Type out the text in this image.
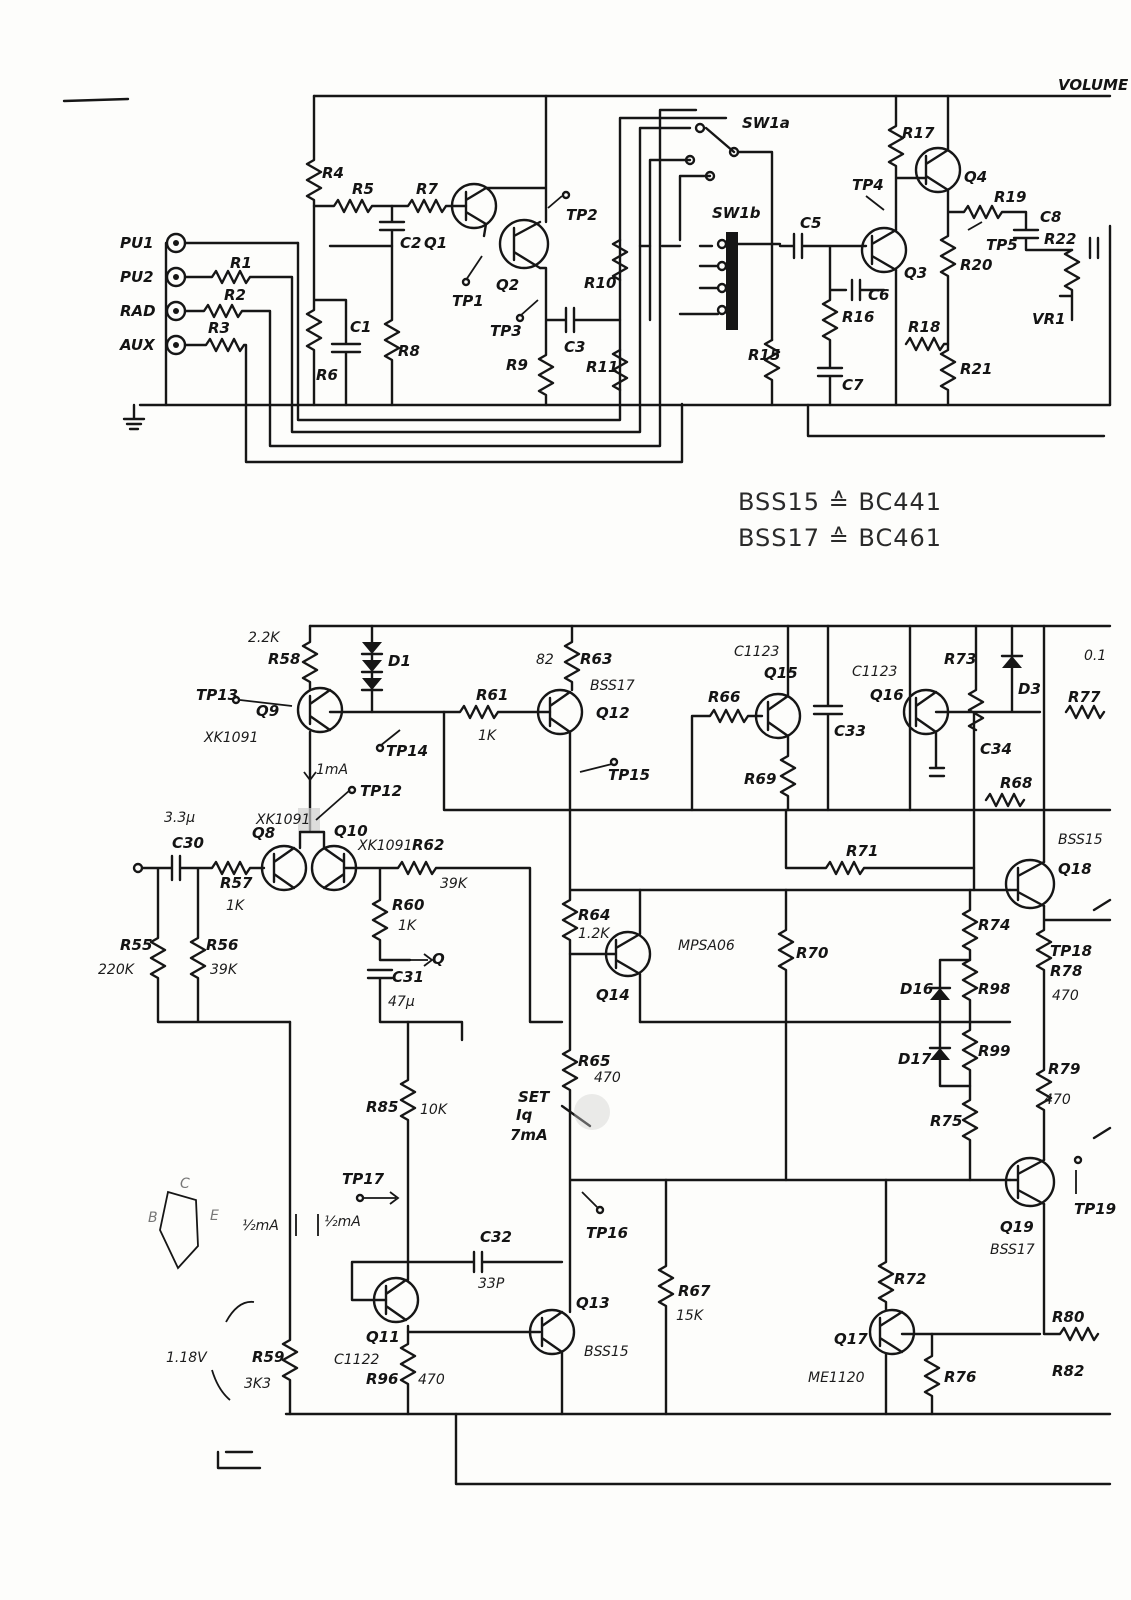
VOLUME
PU1
PU2
RAD
AUX
R1
R2
R3
R4
R5
R6
R7
R8
R9
R10
R11
R15
R16
R17
R18
R19
R20
R21
R22
C1
C2
C3
C5
C6
C7
C8
Q1
Q2
Q3
Q4
TP1
TP2
TP3
TP4
TP5
SW1a
SW1b
VR1
BSS15 ≙ BC441
BSS17 ≙ BC461
2.2K
R58
TP13
Q9
XK1091
D1
TP14
1mA
TP12
XK1091
3.3μ
C30
Q8	Q10
XK1091 R62
39K
R57
1K	R60
1K
Q
C31
47μ
R55
220K
R56
39K
R85 10K
TP17
C
B	E
½mA	½mA
C32
33P
Q11
C1122
R96 470
1.18V	R59
3K3
Q13
BSS15
82 R63
BSS17
Q12
R61
1K
TP15
R64
1.2K
MPSA06
Q14
R65
470
SET
Iq
7mA
TP16
R67
15K
C1123
Q15
R66
R69
C33
C1123
Q16
R73
D3
C34
R68
0.1
R77
R71
R70
BSS15
Q18
R74
TP18
R78
470
D16	R98
D17	R99
R79
470
R75
TP19
Q19
BSS17
R72
Q17
ME1120	R76
R80
R82
